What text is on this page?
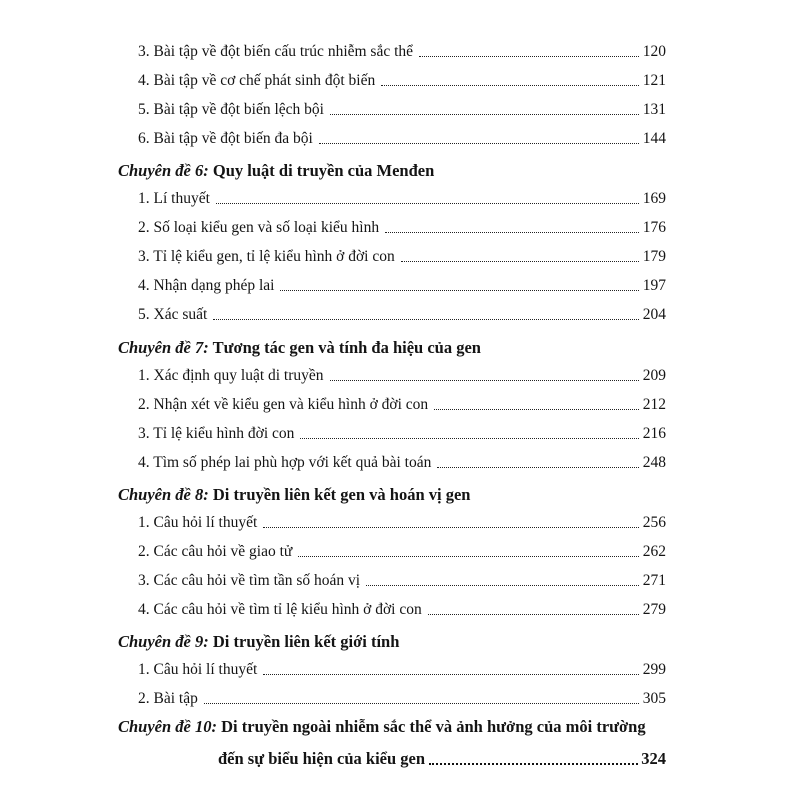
3. Bài tập về đột biến cấu trúc nhiễm sắc thể	120
4. Bài tập về cơ chế phát sinh đột biến	121
5. Bài tập về đột biến lệch bội	131
6. Bài tập về đột biến đa bội	144
Chuyên đề 6: Quy luật di truyền của Menđen
1. Lí thuyết	169
2. Số loại kiểu gen và số loại kiểu hình	176
3. Tỉ lệ kiểu gen, tỉ lệ kiểu hình ở đời con	179
4. Nhận dạng phép lai	197
5. Xác suất	204
Chuyên đề 7: Tương tác gen và tính đa hiệu của gen
1. Xác định quy luật di truyền	209
2. Nhận xét về kiểu gen và kiểu hình ở đời con	212
3. Tỉ lệ kiểu hình đời con	216
4. Tìm số phép lai phù hợp với kết quả bài toán	248
Chuyên đề 8: Di truyền liên kết gen và hoán vị gen
1. Câu hỏi lí thuyết	256
2. Các câu hỏi về giao tử	262
3. Các câu hỏi về tìm tần số hoán vị	271
4. Các câu hỏi về tìm tỉ lệ kiểu hình ở đời con	279
Chuyên đề 9: Di truyền liên kết giới tính
1. Câu hỏi lí thuyết	299
2. Bài tập	305
Chuyên đề 10: Di truyền ngoài nhiễm sắc thể và ảnh hưởng của môi trường
đến sự biểu hiện của kiểu gen	324
